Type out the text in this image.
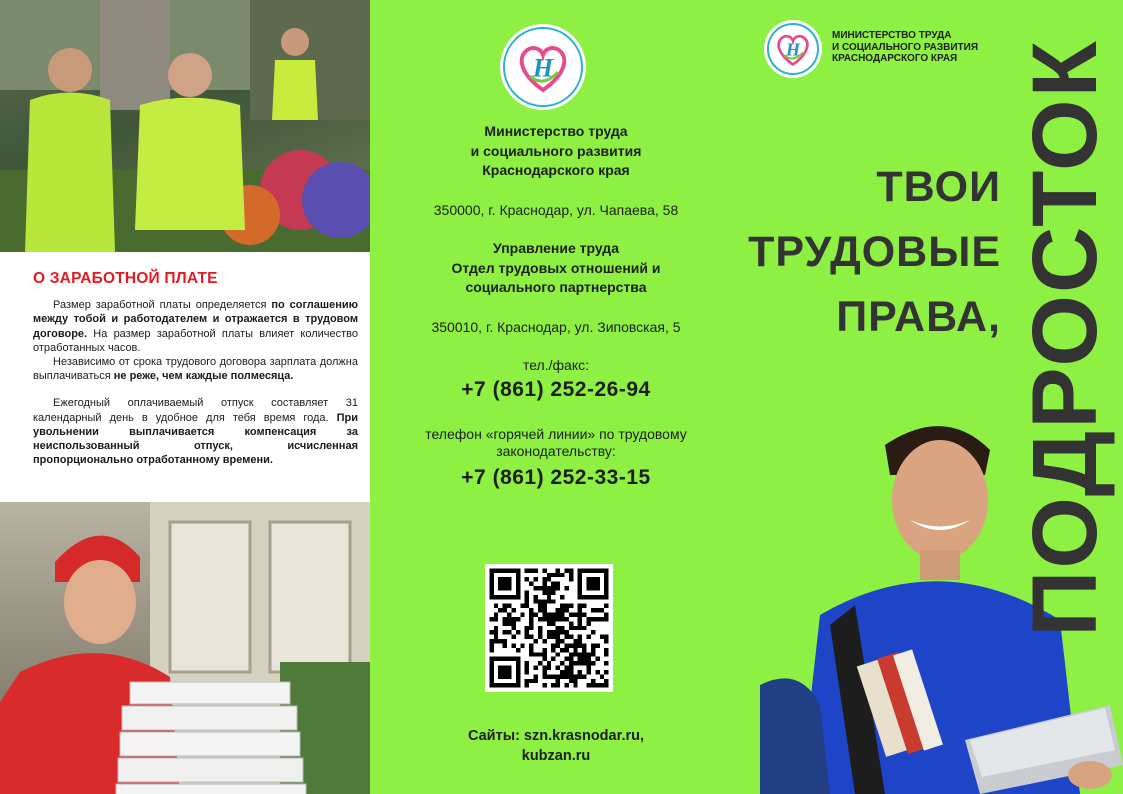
О ЗАРАБОТНОЙ ПЛАТЕ

Размер заработной платы определяется по соглашению между тобой и работодателем и отражается в трудовом договоре. На размер заработной платы влияет количество отработанных часов.

Независимо от срока трудового договора зарплата должна выплачиваться не реже, чем каждые полмесяца.

Ежегодный оплачиваемый отпуск составляет 31 календарный день в удобное для тебя время года. При увольнении выплачивается компенсация за неиспользованный отпуск, исчисленная пропорционально отработанному времени.

Н
Министерство труда
и социального развития
Краснодарского края
350000, г. Краснодар, ул. Чапаева, 58
Управление труда
Отдел трудовых отношений и
социального партнерства
350010, г. Краснодар, ул. Зиповская, 5
тел./факс:
+7 (861) 252-26-94
телефон «горячей линии» по трудовому
законодательству:
+7 (861) 252-33-15
Сайты: szn.krasnodar.ru,
kubzan.ru
Н
МИНИСТЕРСТВО ТРУДА
И СОЦИАЛЬНОГО РАЗВИТИЯ
КРАСНОДАРСКОГО КРАЯ
ТВОИ
ТРУДОВЫЕ
ПРАВА, ПОДРОСТОК
